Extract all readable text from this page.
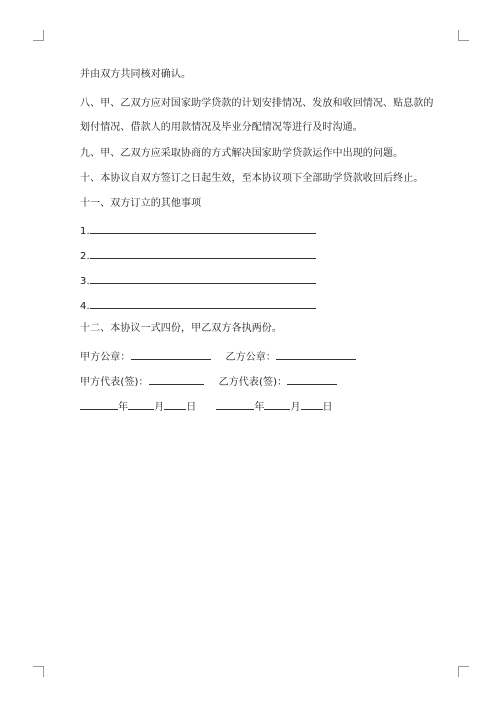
并由双方共同核对确认。
八、甲、乙双方应对国家助学贷款的计划安排情况、发放和收回情况、贴息款的
划付情况、借款人的用款情况及毕业分配情况等进行及时沟通。
九、甲、乙双方应采取协商的方式解决国家助学贷款运作中出现的问题。
十、本协议自双方签订之日起生效，至本协议项下全部助学贷款收回后终止。
十一、双方订立的其他事项
1.
2.
3.
4.
十二、本协议一式四份，甲乙双方各执两份。
甲方公章：	乙方公章：
甲方代表(签)：	乙方代表(签)：
年	月 日	年	月 日
